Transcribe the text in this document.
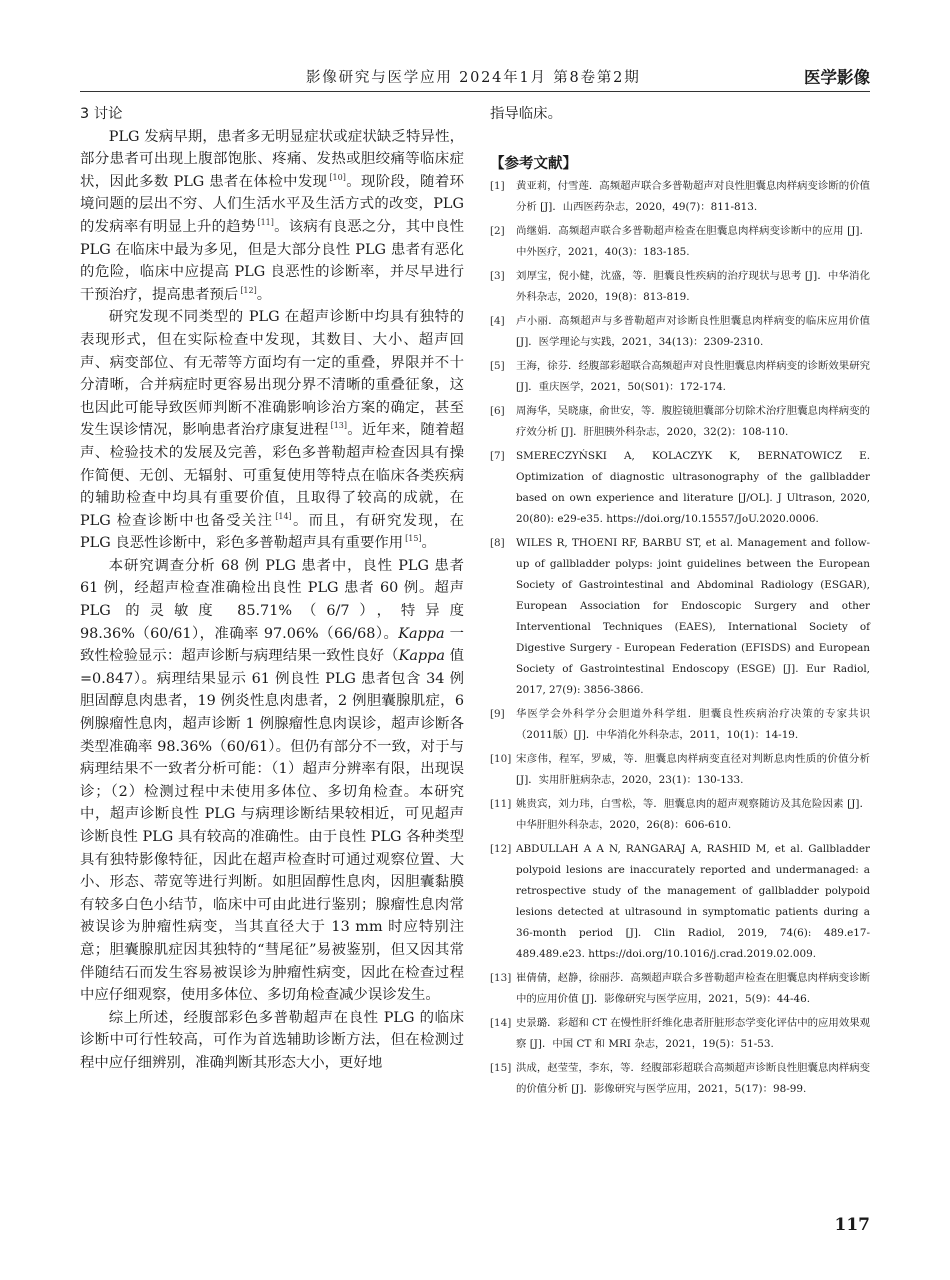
影像研究与医学应用 2024年1月 第8卷第2期	医学影像
3 讨论

PLG 发病早期，患者多无明显症状或症状缺乏特异性，部分患者可出现上腹部饱胀、疼痛、发热或胆绞痛等临床症状，因此多数 PLG 患者在体检中发现 [10]。现阶段，随着环境问题的层出不穷、人们生活水平及生活方式的改变，PLG 的发病率有明显上升的趋势 [11]。该病有良恶之分，其中良性 PLG 在临床中最为多见，但是大部分良性 PLG 患者有恶化的危险，临床中应提高 PLG 良恶性的诊断率，并尽早进行干预治疗，提高患者预后 [12]。

研究发现不同类型的 PLG 在超声诊断中均具有独特的表现形式，但在实际检查中发现，其数目、大小、超声回声、病变部位、有无蒂等方面均有一定的重叠，界限并不十分清晰，合并病症时更容易出现分界不清晰的重叠征象，这也因此可能导致医师判断不准确影响诊治方案的确定，甚至发生误诊情况，影响患者治疗康复进程 [13]。近年来，随着超声、检验技术的发展及完善，彩色多普勒超声检查因具有操作简便、无创、无辐射、可重复使用等特点在临床各类疾病的辅助检查中均具有重要价值，且取得了较高的成就，在 PLG 检查诊断中也备受关注 [14]。而且，有研究发现，在 PLG 良恶性诊断中，彩色多普勒超声具有重要作用 [15]。

本研究调查分析 68 例 PLG 患者中，良性 PLG 患者 61 例，经超声检查准确检出良性 PLG 患者 60 例。超声 PLG 的灵敏度 85.71%（6/7），特异度 98.36%（60/61），准确率 97.06%（66/68）。Kappa 一致性检验显示：超声诊断与病理结果一致性良好（Kappa 值 =0.847）。病理结果显示 61 例良性 PLG 患者包含 34 例胆固醇息肉患者，19 例炎性息肉患者，2 例胆囊腺肌症，6 例腺瘤性息肉，超声诊断 1 例腺瘤性息肉误诊，超声诊断各类型准确率 98.36%（60/61）。但仍有部分不一致，对于与病理结果不一致者分析可能：（1）超声分辨率有限，出现误诊；（2）检测过程中未使用多体位、多切角检查。本研究中，超声诊断良性 PLG 与病理诊断结果较相近，可见超声诊断良性 PLG 具有较高的准确性。由于良性 PLG 各种类型具有独特影像特征，因此在超声检查时可通过观察位置、大小、形态、蒂宽等进行判断。如胆固醇性息肉，因胆囊黏膜有较多白色小结节，临床中可由此进行鉴别；腺瘤性息肉常被误诊为肿瘤性病变，当其直径大于 13 mm 时应特别注意；胆囊腺肌症因其独特的“彗尾征”易被鉴别，但又因其常伴随结石而发生容易被误诊为肿瘤性病变，因此在检查过程中应仔细观察，使用多体位、多切角检查减少误诊发生。

综上所述，经腹部彩色多普勒超声在良性 PLG 的临床诊断中可行性较高，可作为首选辅助诊断方法，但在检测过程中应仔细辨别，准确判断其形态大小，更好地

指导临床。

【参考文献】
[1] 黄亚莉，付雪莲．高频超声联合多普勒超声对良性胆囊息肉样病变诊断的价值分析 [J]．山西医药杂志，2020，49(7)：811-813.
[2] 尚继娟．高频超声联合多普勒超声检查在胆囊息肉样病变诊断中的应用 [J]．中外医疗，2021，40(3)：183-185.
[3] 刘厚宝，倪小健，沈盛，等．胆囊良性疾病的治疗现状与思考 [J]．中华消化外科杂志，2020，19(8)：813-819.
[4] 卢小丽．高频超声与多普勒超声对诊断良性胆囊息肉样病变的临床应用价值 [J]．医学理论与实践，2021，34(13)：2309-2310.
[5] 王海，徐芬．经腹部彩超联合高频超声对良性胆囊息肉样病变的诊断效果研究 [J]．重庆医学，2021，50(S01)：172-174.
[6] 周海华，吴晓康，俞世安，等．腹腔镜胆囊部分切除术治疗胆囊息肉样病变的疗效分析 [J]．肝胆胰外科杂志，2020，32(2)：108-110.
[7] SMERECZYŃSKI A, KOLACZYK K, BERNATOWICZ E. Optimization of diagnostic ultrasonography of the gallbladder based on own experience and literature [J/OL]. J Ultrason, 2020, 20(80): e29-e35. https://doi.org/10.15557/JoU.2020.0006.
[8] WILES R, THOENI RF, BARBU ST, et al. Management and follow-up of gallbladder polyps: joint guidelines between the European Society of Gastrointestinal and Abdominal Radiology (ESGAR), European Association for Endoscopic Surgery and other Interventional Techniques (EAES), International Society of Digestive Surgery - European Federation (EFISDS) and European Society of Gastrointestinal Endoscopy (ESGE) [J]. Eur Radiol, 2017, 27(9): 3856-3866.
[9] 华医学会外科学分会胆道外科学组．胆囊良性疾病治疗决策的专家共识（2011版）[J]．中华消化外科杂志，2011，10(1)：14-19.
[10] 宋彦伟，程军，罗威，等．胆囊息肉样病变直径对判断息肉性质的价值分析 [J]．实用肝脏病杂志，2020，23(1)：130-133.
[11] 姚贵宾，刘力玮，白雪松，等．胆囊息肉的超声观察随访及其危险因素 [J]．中华肝胆外科杂志，2020，26(8)：606-610.
[12] ABDULLAH A A N, RANGARAJ A, RASHID M, et al. Gallbladder polypoid lesions are inaccurately reported and undermanaged: a retrospective study of the management of gallbladder polypoid lesions detected at ultrasound in symptomatic patients during a 36-month period [J]. Clin Radiol, 2019, 74(6): 489.e17-489.489.e23. https://doi.org/10.1016/j.crad.2019.02.009.
[13] 崔倩倩，赵静，徐丽莎．高频超声联合多普勒超声检查在胆囊息肉样病变诊断中的应用价值 [J]．影像研究与医学应用，2021，5(9)：44-46.
[14] 史景璐．彩超和 CT 在慢性肝纤维化患者肝脏形态学变化评估中的应用效果观察 [J]．中国 CT 和 MRI 杂志，2021，19(5)：51-53.
[15] 洪成，赵莹莹，李东，等．经腹部彩超联合高频超声诊断良性胆囊息肉样病变的价值分析 [J]．影像研究与医学应用，2021，5(17)：98-99.
117
